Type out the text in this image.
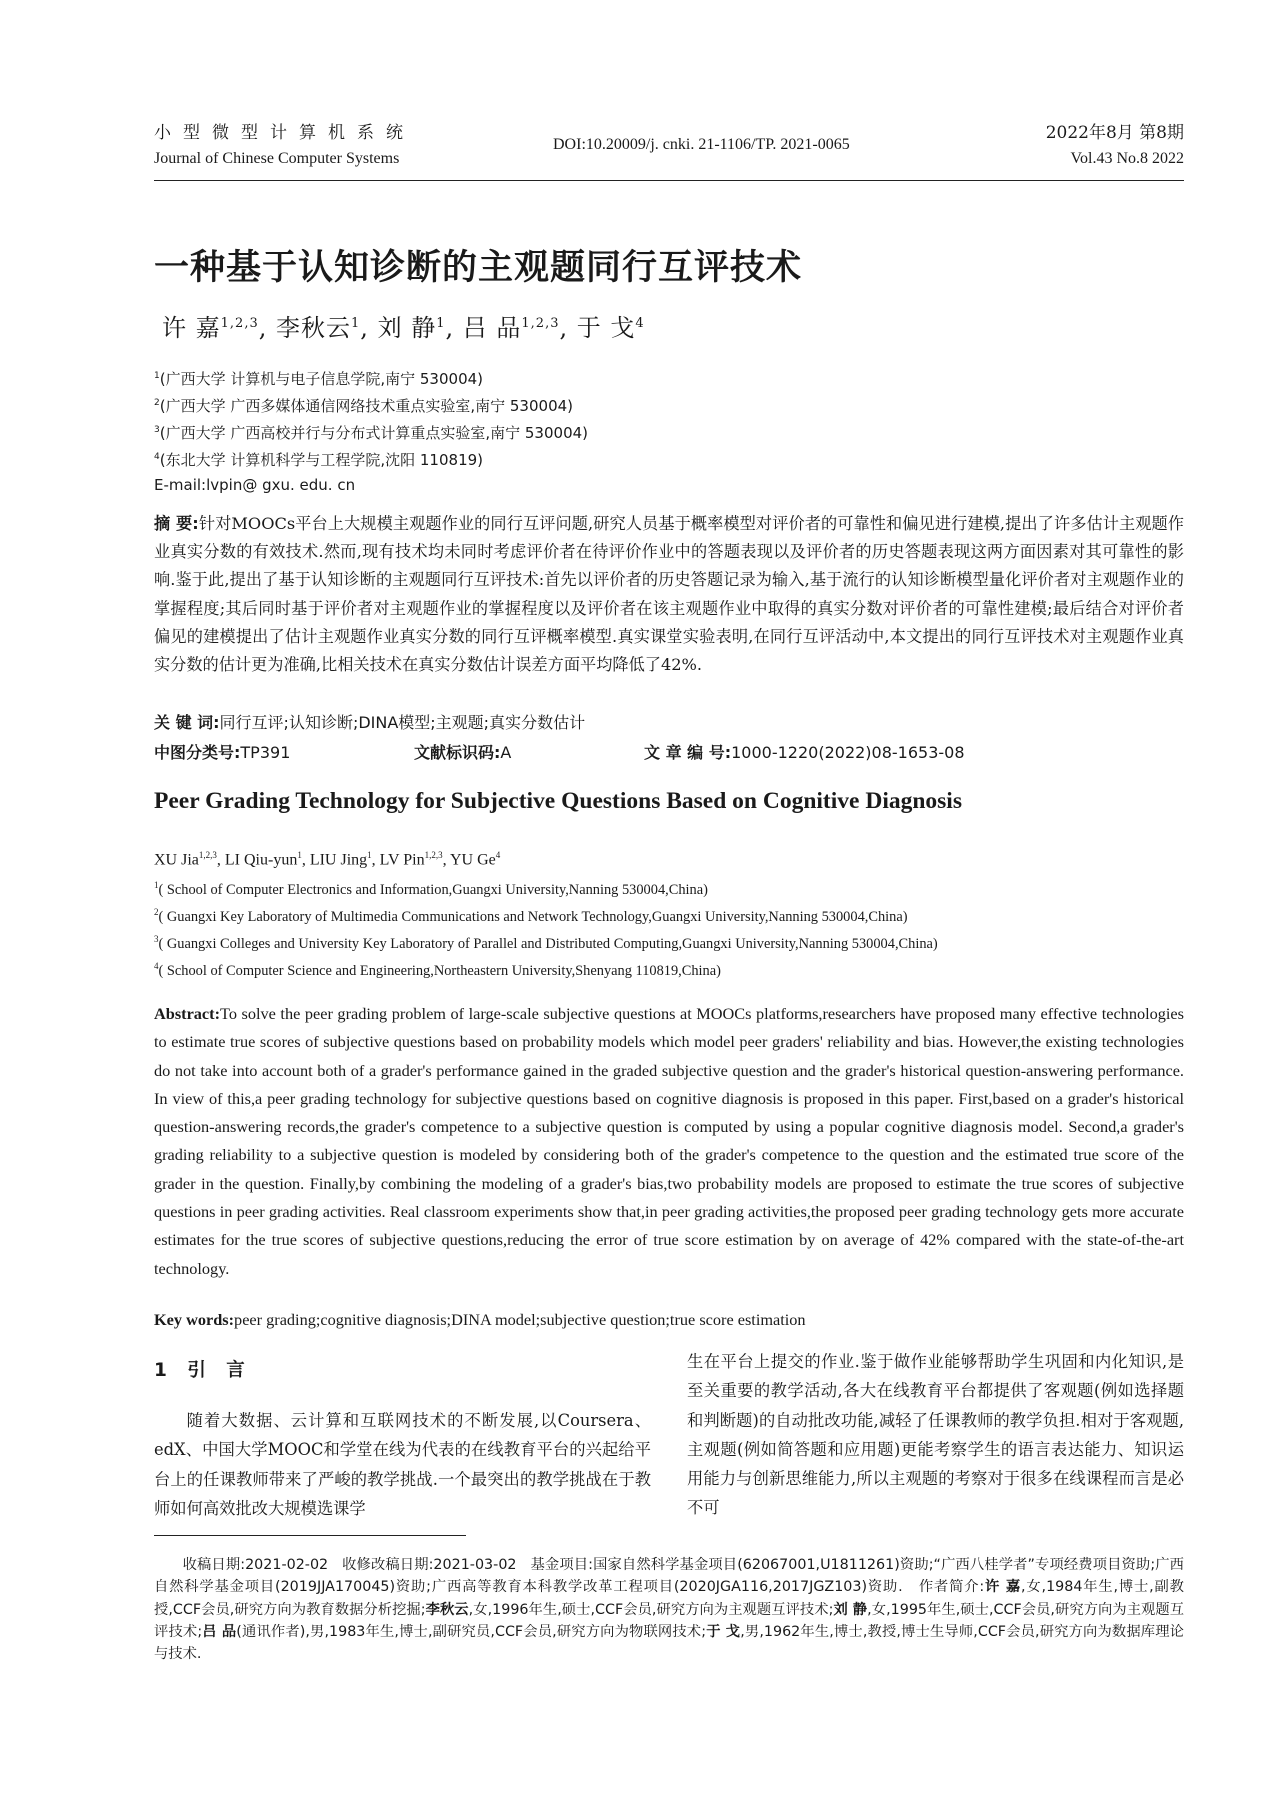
小型微型计算机系统
Journal of Chinese Computer Systems
DOI:10.20009/j. cnki. 21-1106/TP. 2021-0065
2022年8月 第8期
Vol.43 No.8 2022
一种基于认知诊断的主观题同行互评技术
许 嘉$^{1,2,3}$, 李秋云$^1$, 刘 静$^1$, 吕 品$^{1,2,3}$, 于 戈$^4$
$^1$(广西大学 计算机与电子信息学院,南宁 530004)
$^2$(广西大学 广西多媒体通信网络技术重点实验室,南宁 530004)
$^3$(广西大学 广西高校并行与分布式计算重点实验室,南宁 530004)
$^4$(东北大学 计算机科学与工程学院,沈阳 110819)
E-mail:lvpin@ gxu. edu. cn
摘 要:针对MOOCs平台上大规模主观题作业的同行互评问题,研究人员基于概率模型对评价者的可靠性和偏见进行建模,提出了许多估计主观题作业真实分数的有效技术.然而,现有技术均未同时考虑评价者在待评价作业中的答题表现以及评价者的历史答题表现这两方面因素对其可靠性的影响.鉴于此,提出了基于认知诊断的主观题同行互评技术:首先以评价者的历史答题记录为输入,基于流行的认知诊断模型量化评价者对主观题作业的掌握程度;其后同时基于评价者对主观题作业的掌握程度以及评价者在该主观题作业中取得的真实分数对评价者的可靠性建模;最后结合对评价者偏见的建模提出了估计主观题作业真实分数的同行互评概率模型.真实课堂实验表明,在同行互评活动中,本文提出的同行互评技术对主观题作业真实分数的估计更为准确,比相关技术在真实分数估计误差方面平均降低了42%.
关 键 词:同行互评;认知诊断;DINA模型;主观题;真实分数估计
中图分类号:TP391	文献标识码:A	文 章 编 号:1000-1220(2022)08-1653-08
Peer Grading Technology for Subjective Questions Based on Cognitive Diagnosis
XU Jia$^{1,2,3}$, LI Qiu-yun$^1$, LIU Jing$^1$, LV Pin$^{1,2,3}$, YU Ge$^4$
$^1$( School of Computer Electronics and Information,Guangxi University,Nanning 530004,China)
$^2$( Guangxi Key Laboratory of Multimedia Communications and Network Technology,Guangxi University,Nanning 530004,China)
$^3$( Guangxi Colleges and University Key Laboratory of Parallel and Distributed Computing,Guangxi University,Nanning 530004,China)
$^4$( School of Computer Science and Engineering,Northeastern University,Shenyang 110819,China)
Abstract:To solve the peer grading problem of large-scale subjective questions at MOOCs platforms,researchers have proposed many effective technologies to estimate true scores of subjective questions based on probability models which model peer graders' reliability and bias. However,the existing technologies do not take into account both of a grader's performance gained in the graded subjective question and the grader's historical question-answering performance. In view of this,a peer grading technology for subjective questions based on cognitive diagnosis is proposed in this paper. First,based on a grader's historical question-answering records,the grader's competence to a subjective question is computed by using a popular cognitive diagnosis model. Second,a grader's grading reliability to a subjective question is modeled by considering both of the grader's competence to the question and the estimated true score of the grader in the question. Finally,by combining the modeling of a grader's bias,two probability models are proposed to estimate the true scores of subjective questions in peer grading activities. Real classroom experiments show that,in peer grading activities,the proposed peer grading technology gets more accurate estimates for the true scores of subjective questions,reducing the error of true score estimation by on average of 42% compared with the state-of-the-art technology.
Key words:peer grading;cognitive diagnosis;DINA model;subjective question;true score estimation
1 引 言
随着大数据、云计算和互联网技术的不断发展,以Coursera、edX、中国大学MOOC和学堂在线为代表的在线教育平台的兴起给平台上的任课教师带来了严峻的教学挑战.一个最突出的教学挑战在于教师如何高效批改大规模选课学
生在平台上提交的作业.鉴于做作业能够帮助学生巩固和内化知识,是至关重要的教学活动,各大在线教育平台都提供了客观题(例如选择题和判断题)的自动批改功能,减轻了任课教师的教学负担.相对于客观题,主观题(例如简答题和应用题)更能考察学生的语言表达能力、知识运用能力与创新思维能力,所以主观题的考察对于很多在线课程而言是必不可
收稿日期:2021-02-02 收修改稿日期:2021-03-02 基金项目:国家自然科学基金项目(62067001,U1811261)资助;“广西八桂学者”专项经费项目资助;广西自然科学基金项目(2019JJA170045)资助;广西高等教育本科教学改革工程项目(2020JGA116,2017JGZ103)资助. 作者简介:许 嘉,女,1984年生,博士,副教授,CCF会员,研究方向为教育数据分析挖掘;李秋云,女,1996年生,硕士,CCF会员,研究方向为主观题互评技术;刘 静,女,1995年生,硕士,CCF会员,研究方向为主观题互评技术;吕 品(通讯作者),男,1983年生,博士,副研究员,CCF会员,研究方向为物联网技术;于 戈,男,1962年生,博士,教授,博士生导师,CCF会员,研究方向为数据库理论与技术.
